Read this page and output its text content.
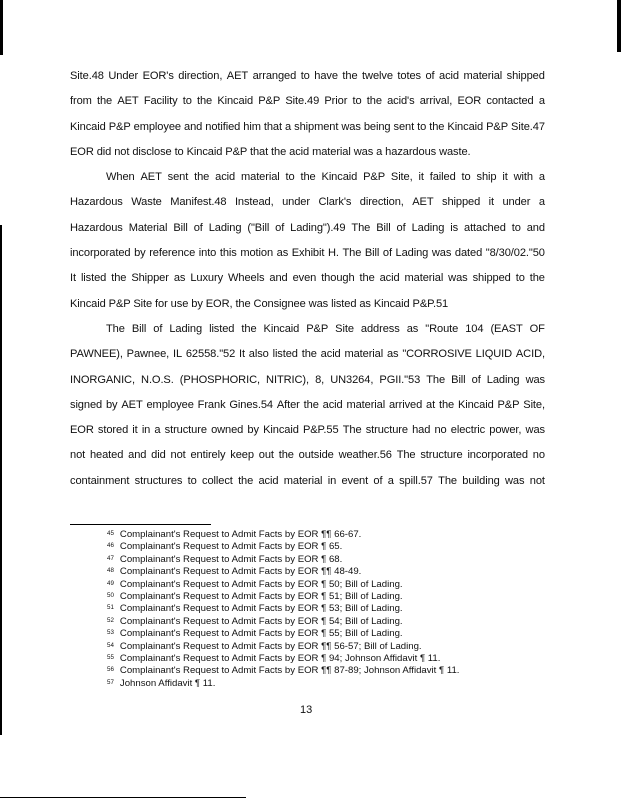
Site.48 Under EOR's direction, AET arranged to have the twelve totes of acid material shipped
from the AET Facility to the Kincaid P&P Site.49 Prior to the acid's arrival, EOR contacted a
Kincaid P&P employee and notified him that a shipment was being sent to the Kincaid P&P Site.47
EOR did not disclose to Kincaid P&P that the acid material was a hazardous waste.
When AET sent the acid material to the Kincaid P&P Site, it failed to ship it with a
Hazardous Waste Manifest.48 Instead, under Clark's direction, AET shipped it under a
Hazardous Material Bill of Lading ("Bill of Lading").49 The Bill of Lading is attached to and
incorporated by reference into this motion as Exhibit H. The Bill of Lading was dated "8/30/02."50
It listed the Shipper as Luxury Wheels and even though the acid material was shipped to the
Kincaid P&P Site for use by EOR, the Consignee was listed as Kincaid P&P.51
The Bill of Lading listed the Kincaid P&P Site address as "Route 104 (EAST OF
PAWNEE), Pawnee, IL 62558."52 It also listed the acid material as "CORROSIVE LIQUID ACID,
INORGANIC, N.O.S. (PHOSPHORIC, NITRIC), 8, UN3264, PGII."53 The Bill of Lading was
signed by AET employee Frank Gines.54 After the acid material arrived at the Kincaid P&P Site,
EOR stored it in a structure owned by Kincaid P&P.55 The structure had no electric power, was
not heated and did not entirely keep out the outside weather.56 The structure incorporated no
containment structures to collect the acid material in event of a spill.57 The building was not
$^{45}$ Complainant's Request to Admit Facts by EOR ¶¶ 66-67.
$^{46}$ Complainant's Request to Admit Facts by EOR ¶ 65.
$^{47}$ Complainant's Request to Admit Facts by EOR ¶ 68.
$^{48}$ Complainant's Request to Admit Facts by EOR ¶¶ 48-49.
$^{49}$ Complainant's Request to Admit Facts by EOR ¶ 50; Bill of Lading.
$^{50}$ Complainant's Request to Admit Facts by EOR ¶ 51; Bill of Lading.
$^{51}$ Complainant's Request to Admit Facts by EOR ¶ 53; Bill of Lading.
$^{52}$ Complainant's Request to Admit Facts by EOR ¶ 54; Bill of Lading.
$^{53}$ Complainant's Request to Admit Facts by EOR ¶ 55; Bill of Lading.
$^{54}$ Complainant's Request to Admit Facts by EOR ¶¶ 56-57; Bill of Lading.
$^{55}$ Complainant's Request to Admit Facts by EOR ¶ 94; Johnson Affidavit ¶ 11.
$^{56}$ Complainant's Request to Admit Facts by EOR ¶¶ 87-89; Johnson Affidavit ¶ 11.
$^{57}$ Johnson Affidavit ¶ 11.
13
